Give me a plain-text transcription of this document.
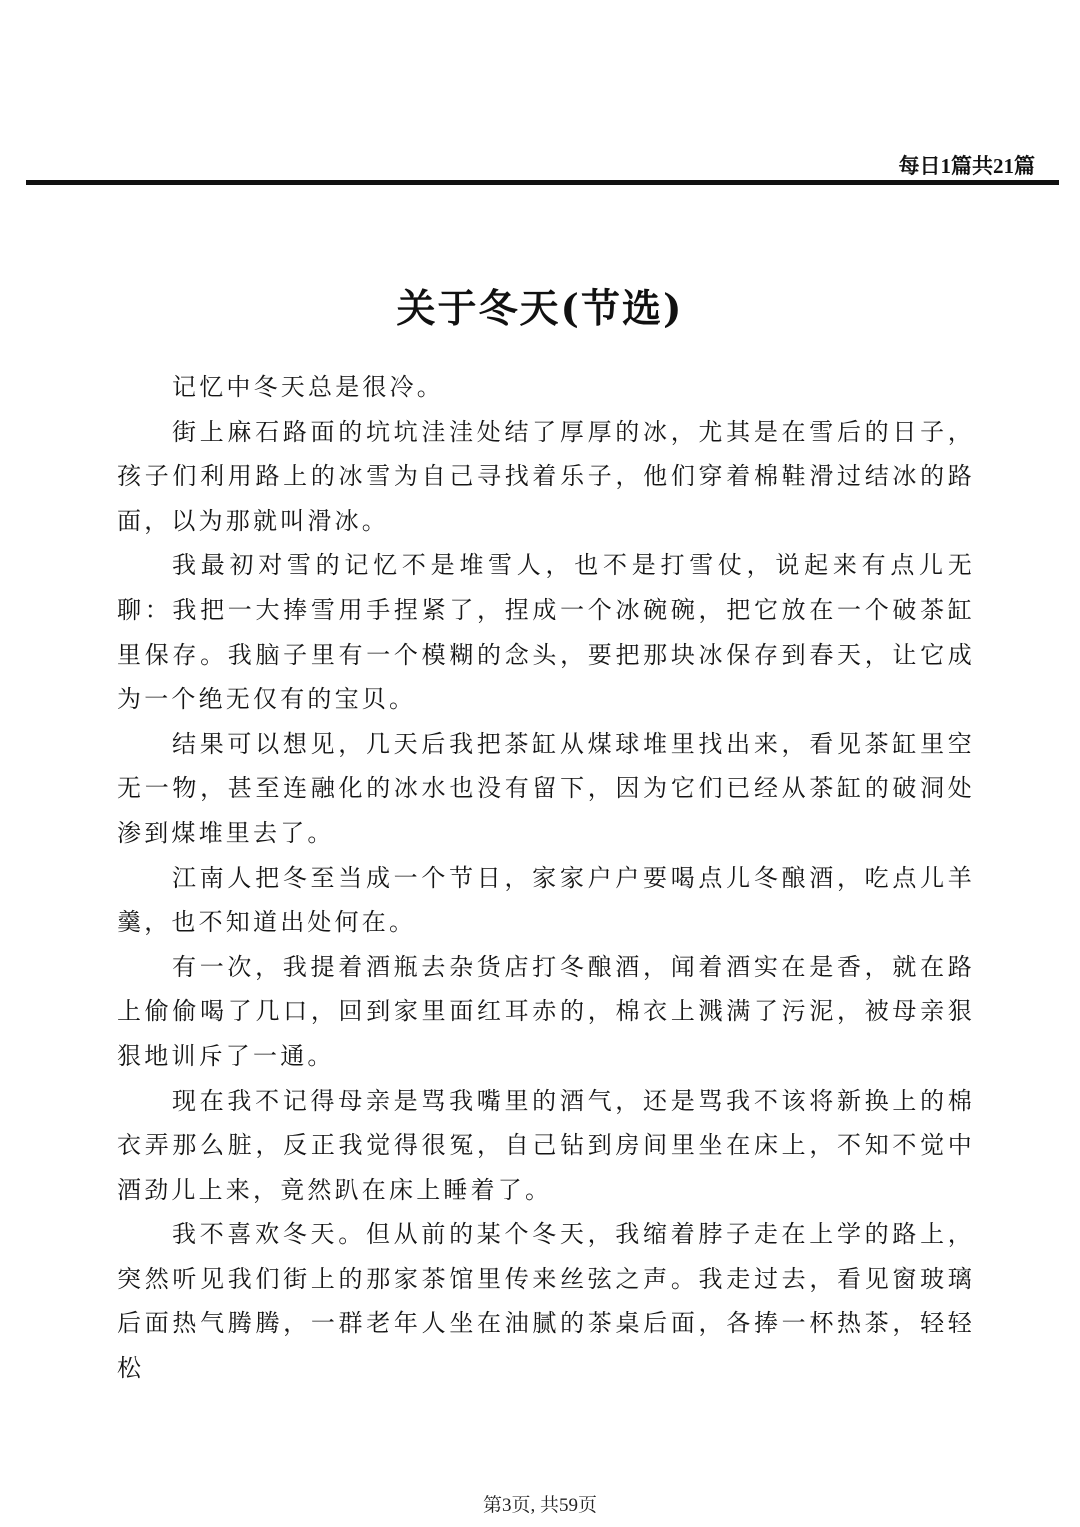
每日1篇共21篇
关于冬天(节选)

记忆中冬天总是很冷。

街上麻石路面的坑坑洼洼处结了厚厚的冰，尤其是在雪后的日子，孩子们利用路上的冰雪为自己寻找着乐子，他们穿着棉鞋滑过结冰的路面，以为那就叫滑冰。

我最初对雪的记忆不是堆雪人，也不是打雪仗，说起来有点儿无聊：我把一大捧雪用手捏紧了，捏成一个冰碗碗，把它放在一个破茶缸里保存。我脑子里有一个模糊的念头，要把那块冰保存到春天，让它成为一个绝无仅有的宝贝。

结果可以想见，几天后我把茶缸从煤球堆里找出来，看见茶缸里空无一物，甚至连融化的冰水也没有留下，因为它们已经从茶缸的破洞处渗到煤堆里去了。

江南人把冬至当成一个节日，家家户户要喝点儿冬酿酒，吃点儿羊羹，也不知道出处何在。

有一次，我提着酒瓶去杂货店打冬酿酒，闻着酒实在是香，就在路上偷偷喝了几口，回到家里面红耳赤的，棉衣上溅满了污泥，被母亲狠狠地训斥了一通。

现在我不记得母亲是骂我嘴里的酒气，还是骂我不该将新换上的棉衣弄那么脏，反正我觉得很冤，自己钻到房间里坐在床上，不知不觉中酒劲儿上来，竟然趴在床上睡着了。

我不喜欢冬天。但从前的某个冬天，我缩着脖子走在上学的路上，突然听见我们街上的那家茶馆里传来丝弦之声。我走过去，看见窗玻璃后面热气腾腾，一群老年人坐在油腻的茶桌后面，各捧一杯热茶，轻轻松

第3页, 共59页
